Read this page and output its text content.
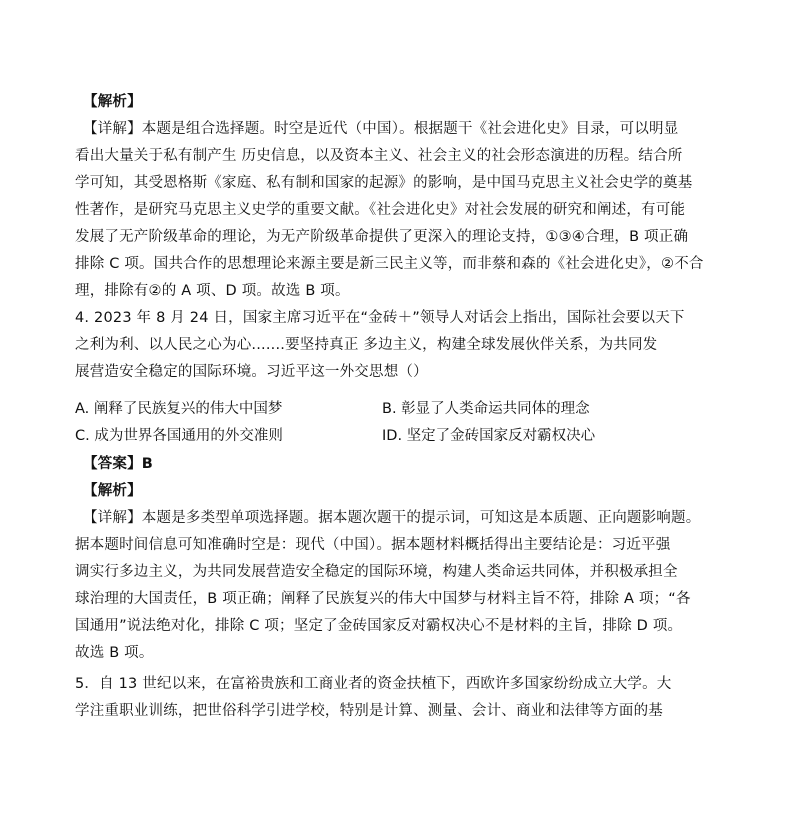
【解析】
【详解】本题是组合选择题。时空是近代（中国）。根据题干《社会进化史》目录，可以明显
看出大量关于私有制产生 历史信息，以及资本主义、社会主义的社会形态演进的历程。结合所
学可知，其受恩格斯《家庭、私有制和国家的起源》的影响，是中国马克思主义社会史学的奠基
性著作，是研究马克思主义史学的重要文献。《社会进化史》对社会发展的研究和阐述，有可能
发展了无产阶级革命的理论，为无产阶级革命提供了更深入的理论支持，①③④合理，B 项正确
排除 C 项。国共合作的思想理论来源主要是新三民主义等，而非蔡和森的《社会进化史》，②不合
理，排除有②的 A 项、D 项。故选 B 项。
4. 2023 年 8 月 24 日，国家主席习近平在“金砖＋”领导人对话会上指出，国际社会要以天下
之利为利、以人民之心为心.......要坚持真正 多边主义，构建全球发展伙伴关系，为共同发
展营造安全稳定的国际环境。习近平这一外交思想（）
A. 阐释了民族复兴的伟大中国梦	B. 彰显了人类命运共同体的理念
C. 成为世界各国通用的外交准则	ID. 坚定了金砖国家反对霸权决心
【答案】B
【解析】
【详解】本题是多类型单项选择题。据本题次题干的提示词，可知这是本质题、正向题影响题。
据本题时间信息可知准确时空是：现代（中国）。据本题材料概括得出主要结论是：习近平强
调实行多边主义，为共同发展营造安全稳定的国际环境，构建人类命运共同体，并积极承担全
球治理的大国责任，B 项正确；阐释了民族复兴的伟大中国梦与材料主旨不符，排除 A 项；“各
国通用”说法绝对化，排除 C 项；坚定了金砖国家反对霸权决心不是材料的主旨，排除 D 项。
故选 B 项。
5．自 13 世纪以来，在富裕贵族和工商业者的资金扶植下，西欧许多国家纷纷成立大学。大
学注重职业训练，把世俗科学引进学校，特别是计算、测量、会计、商业和法律等方面的基
